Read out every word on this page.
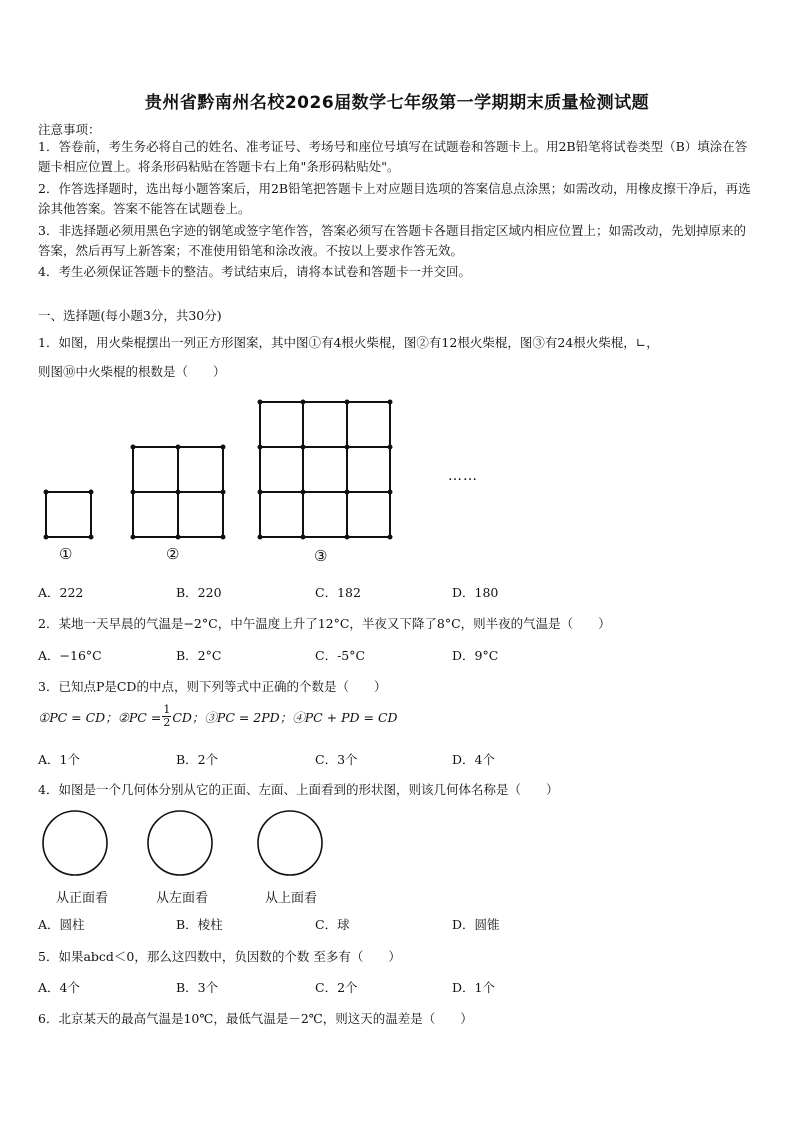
贵州省黔南州名校2026届数学七年级第一学期期末质量检测试题
注意事项：
1．答卷前，考生务必将自己的姓名、准考证号、考场号和座位号填写在试题卷和答题卡上。用2B铅笔将试卷类型（B）填涂在答题卡相应位置上。将条形码粘贴在答题卡右上角"条形码粘贴处"。
2．作答选择题时，选出每小题答案后，用2B铅笔把答题卡上对应题目选项的答案信息点涂黑；如需改动，用橡皮擦干净后，再选涂其他答案。答案不能答在试题卷上。
3．非选择题必须用黑色字迹的钢笔或签字笔作答，答案必须写在答题卡各题目指定区域内相应位置上；如需改动，先划掉原来的答案，然后再写上新答案；不准使用铅笔和涂改液。不按以上要求作答无效。
4．考生必须保证答题卡的整洁。考试结束后，请将本试卷和答题卡一并交回。
一、选择题(每小题3分，共30分)
1．如图，用火柴棍摆出一列正方形图案，其中图①有4根火柴棍，图②有12根火柴棍，图③有24根火柴棍，∟，
则图⑩中火柴棍的根数是（　　）
……
①	②	③
A．222	B．220	C．182	D．180
2．某地一天早晨的气温是−2°C，中午温度上升了12°C，半夜又下降了8°C，则半夜的气温是（　　）
A．−16°C	B．2°C	C．-5°C	D．9°C
3．已知点P是CD的中点，则下列等式中正确的个数是（　　）
①PC = CD；②PC = $\frac{1}{2}$ CD；③PC = 2PD；④PC + PD = CD
A．1个	B．2个	C．3个	D．4个
4．如图是一个几何体分别从它的正面、左面、上面看到的形状图，则该几何体名称是（　　）
从正面看	从左面看	从上面看
A．圆柱	B．棱柱	C．球	D．圆锥
5．如果abcd＜0，那么这四数中，负因数的个数 至多有（　　）
A．4个	B．3个	C．2个	D．1个
6．北京某天的最高气温是10℃，最低气温是－2℃，则这天的温差是（　　）
